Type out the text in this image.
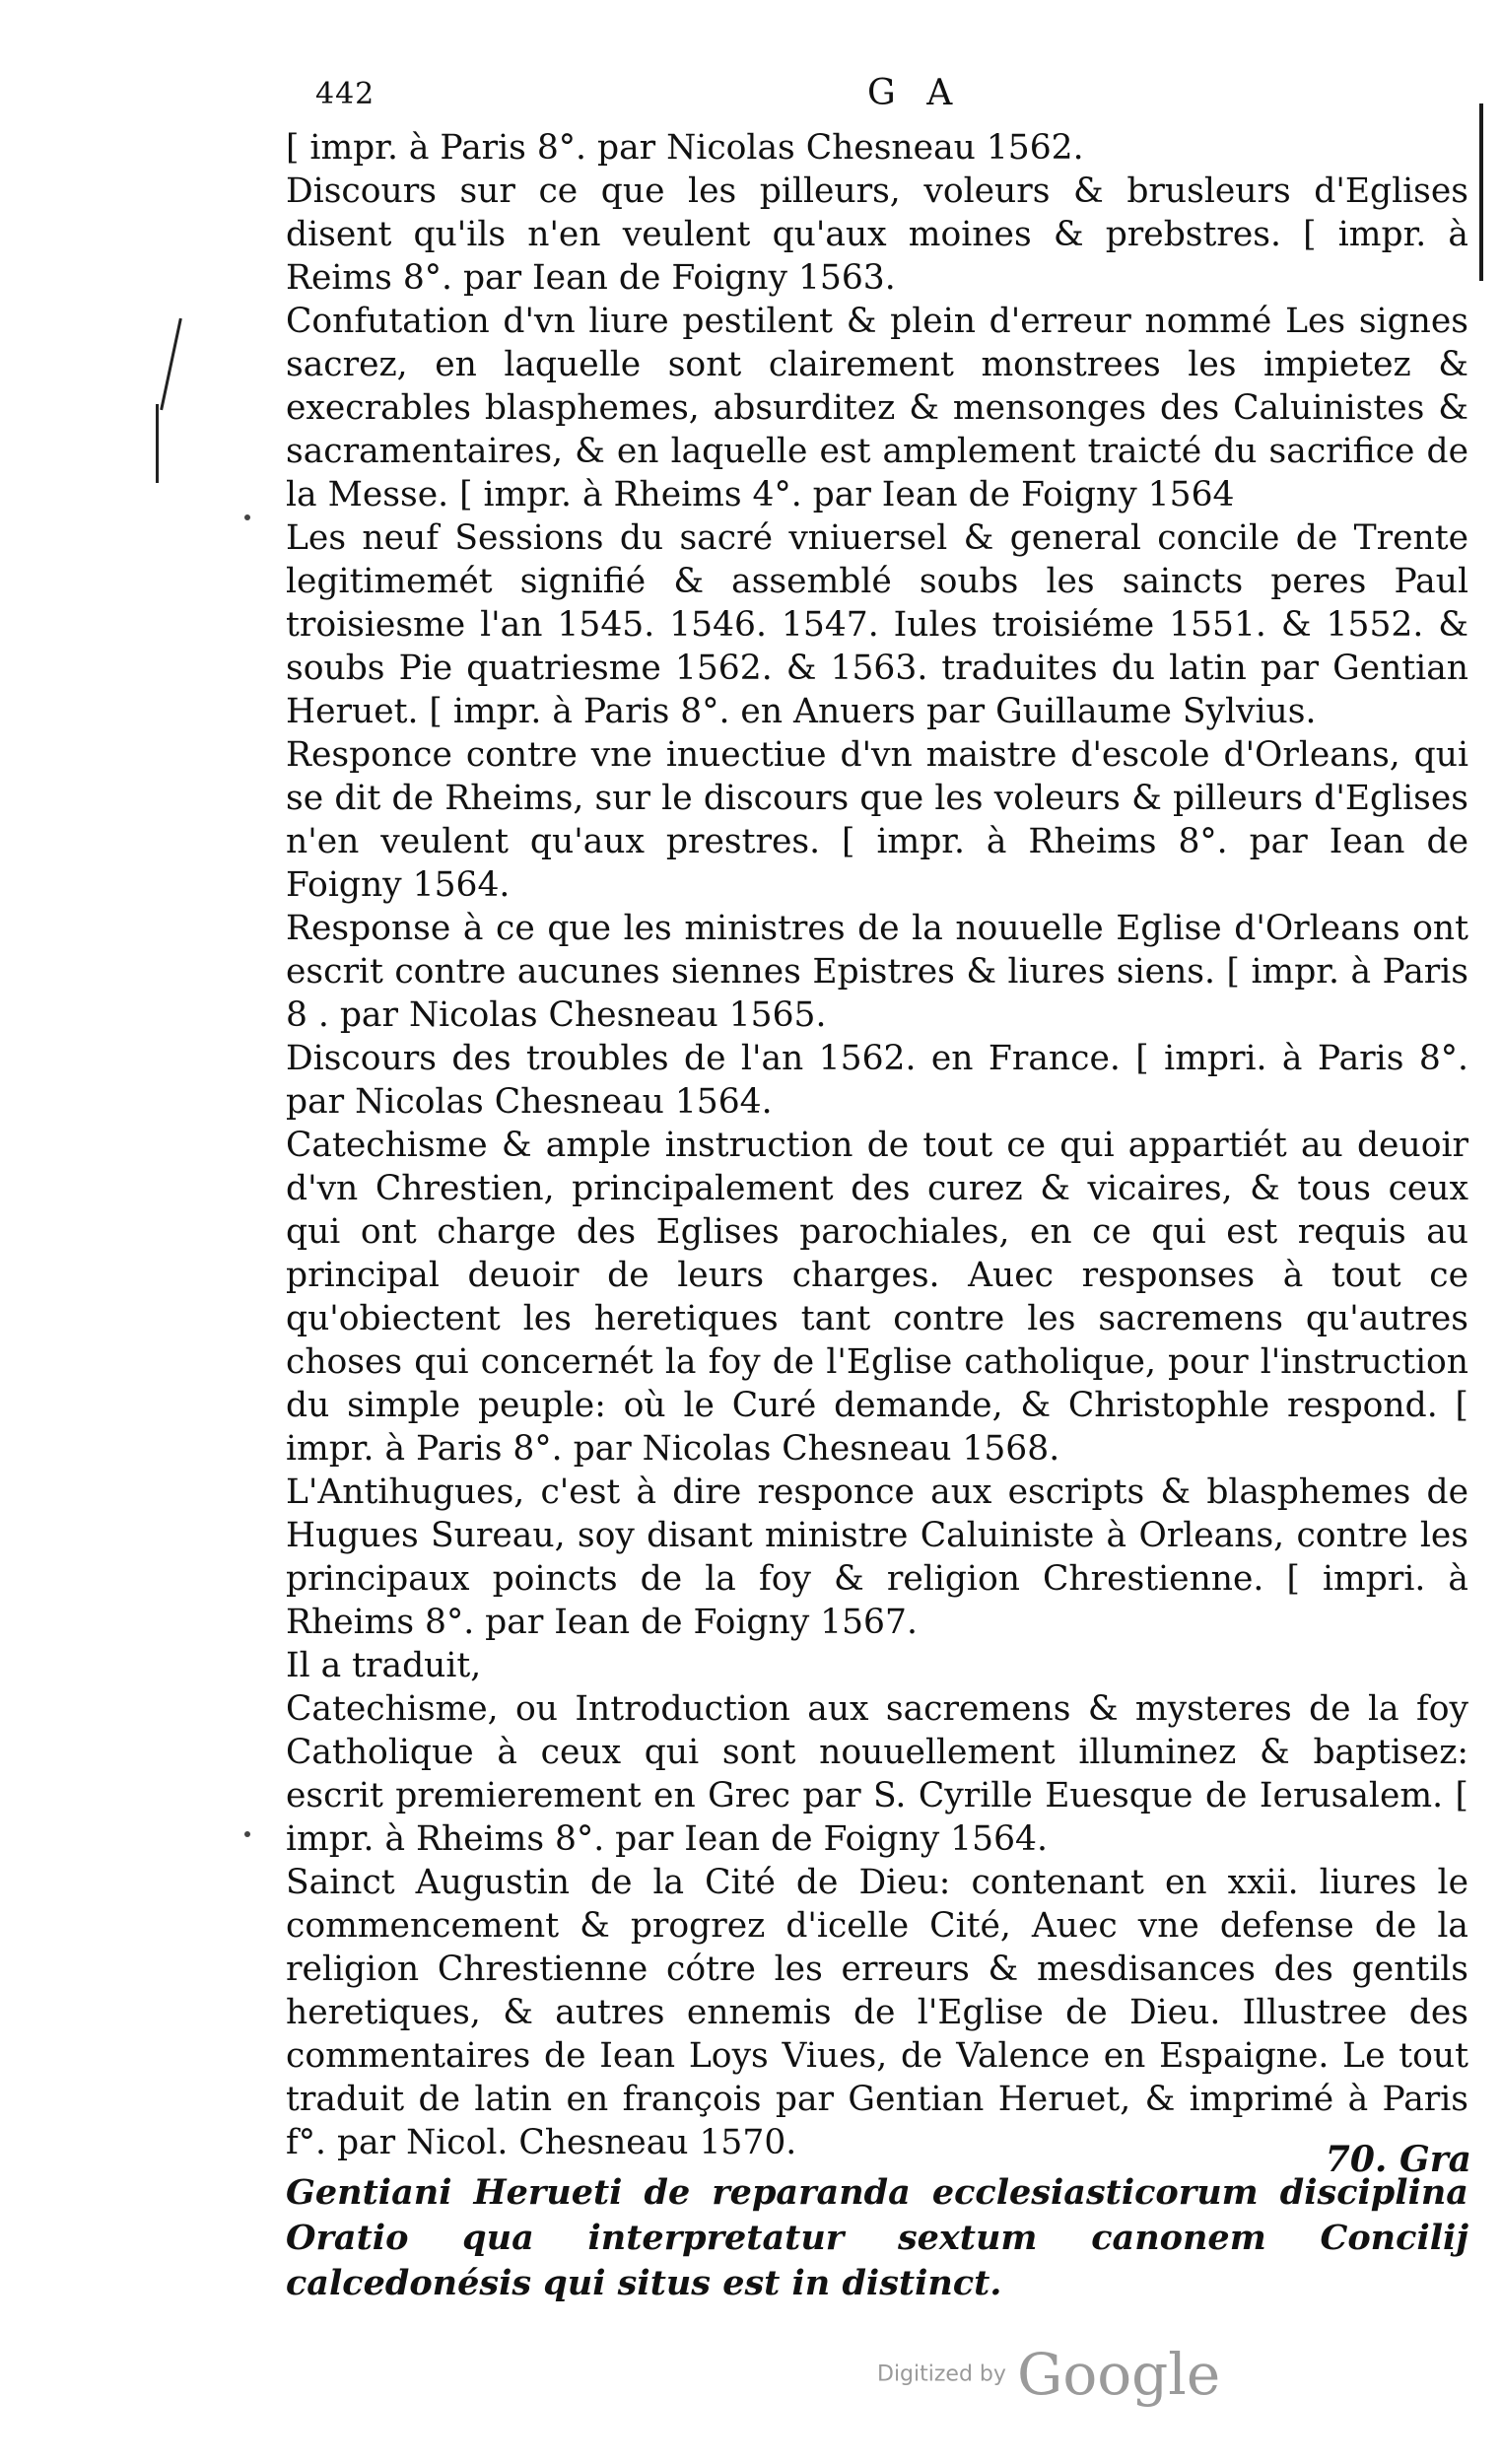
442	G A

[ impr. à Paris 8°. par Nicolas Chesneau 1562.

Discours sur ce que les pilleurs, voleurs & brusleurs d'Eglises disent qu'ils n'en veulent qu'aux moines & prebstres. [ impr. à Reims 8°. par Iean de Foigny 1563.

Confutation d'vn liure pestilent & plein d'erreur nommé Les signes sacrez, en laquelle sont clairement monstrees les impietez & execrables blasphemes, absurditez & mensonges des Caluinistes & sacramentaires, & en laquelle est amplement traicté du sacrifice de la Messe. [ impr. à Rheims 4°. par Iean de Foigny 1564

Les neuf Sessions du sacré vniuersel & general concile de Trente legitimemét signifié & assemblé soubs les saincts peres Paul troisiesme l'an 1545. 1546. 1547. Iules troisiéme 1551. & 1552. & soubs Pie quatriesme 1562. & 1563. traduites du latin par Gentian Heruet. [ impr. à Paris 8°. en Anuers par Guillaume Sylvius.

Responce contre vne inuectiue d'vn maistre d'escole d'Orleans, qui se dit de Rheims, sur le discours que les voleurs & pilleurs d'Eglises n'en veulent qu'aux prestres. [ impr. à Rheims 8°. par Iean de Foigny 1564.

Response à ce que les ministres de la nouuelle Eglise d'Orleans ont escrit contre aucunes siennes Epistres & liures siens. [ impr. à Paris 8 . par Nicolas Chesneau 1565.

Discours des troubles de l'an 1562. en France. [ impri. à Paris 8°. par Nicolas Chesneau 1564.

Catechisme & ample instruction de tout ce qui appartiét au deuoir d'vn Chrestien, principalement des curez & vicaires, & tous ceux qui ont charge des Eglises parochiales, en ce qui est requis au principal deuoir de leurs charges. Auec responses à tout ce qu'obiectent les heretiques tant contre les sacremens qu'autres choses qui concernét la foy de l'Eglise catholique, pour l'instruction du simple peuple: où le Curé demande, & Christophle respond. [ impr. à Paris 8°. par Nicolas Chesneau 1568.

L'Antihugues, c'est à dire responce aux escripts & blasphemes de Hugues Sureau, soy disant ministre Caluiniste à Orleans, contre les principaux poincts de la foy & religion Chrestienne. [ impri. à Rheims 8°. par Iean de Foigny 1567.

Il a traduit,

Catechisme, ou Introduction aux sacremens & mysteres de la foy Catholique à ceux qui sont nouuellement illuminez & baptisez: escrit premierement en Grec par S. Cyrille Euesque de Ierusalem. [ impr. à Rheims 8°. par Iean de Foigny 1564.

Sainct Augustin de la Cité de Dieu: contenant en xxii. liures le commencement & progrez d'icelle Cité, Auec vne defense de la religion Chrestienne cótre les erreurs & mesdisances des gentils heretiques, & autres ennemis de l'Eglise de Dieu. Illustree des commentaires de Iean Loys Viues, de Valence en Espaigne. Le tout traduit de latin en françois par Gentian Heruet, & imprimé à Paris f°. par Nicol. Chesneau 1570.

Gentiani Herueti de reparanda ecclesiasticorum disciplina Oratio qua interpretatur sextum canonem Concilij calcedonésis qui situs est in distinct.

70. Gra
Digitized by Google
